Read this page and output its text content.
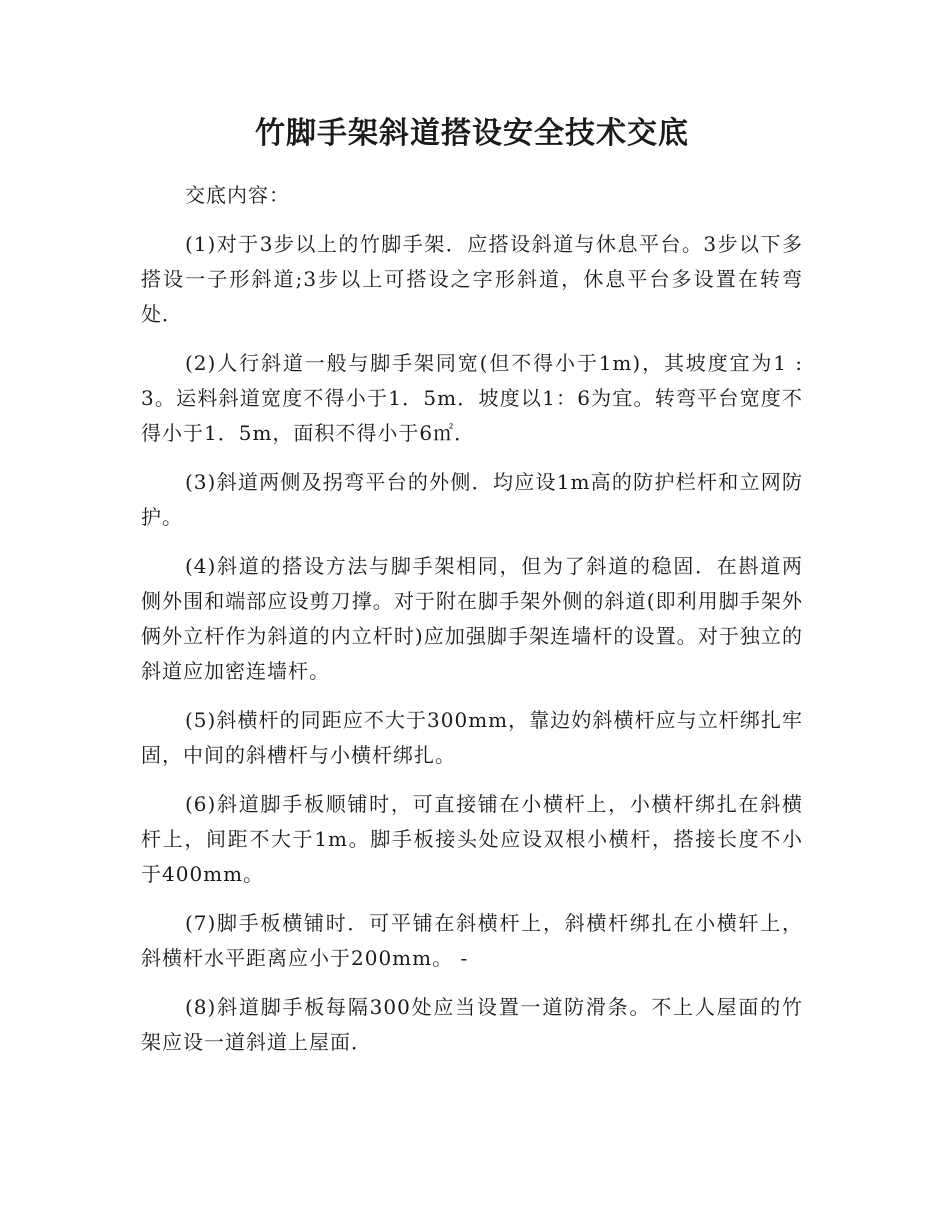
竹脚手架斜道搭设安全技术交底

交底内容：

(1)对于3步以上的竹脚手架．应搭设斜道与休息平台。3步以下多搭设一子形斜道;3步以上可搭设之字形斜道，休息平台多设置在转弯处．

(2)人行斜道一般与脚手架同宽(但不得小于1m)，其坡度宜为1 :3。运料斜道宽度不得小于1．5m．坡度以1：6为宜。转弯平台宽度不得小于1．5m，面积不得小于6㎡．

(3)斜道两侧及拐弯平台的外侧．均应设1m高的防护栏杆和立网防护。

(4)斜道的搭设方法与脚手架相同，但为了斜道的稳固．在斟道两侧外围和端部应设剪刀撑。对于附在脚手架外侧的斜道(即利用脚手架外俩外立杆作为斜道的内立杆时)应加强脚手架连墙杆的设置。对于独立的斜道应加密连墙杆。

(5)斜横杆的同距应不大于300mm，靠边妁斜横杆应与立杆绑扎牢固，中间的斜槽杆与小横杆绑扎。

(6)斜道脚手板顺铺时，可直接铺在小横杆上，小横杆绑扎在斜横杆上，间距不大于1m。脚手板接头处应设双根小横杆，搭接长度不小于400mm。

(7)脚手板横铺时．可平铺在斜横杆上，斜横杆绑扎在小横轩上，斜横杆水平距离应小于200mm。 -

(8)斜道脚手板每隔300处应当设置一道防滑条。不上人屋面的竹架应设一道斜道上屋面．
